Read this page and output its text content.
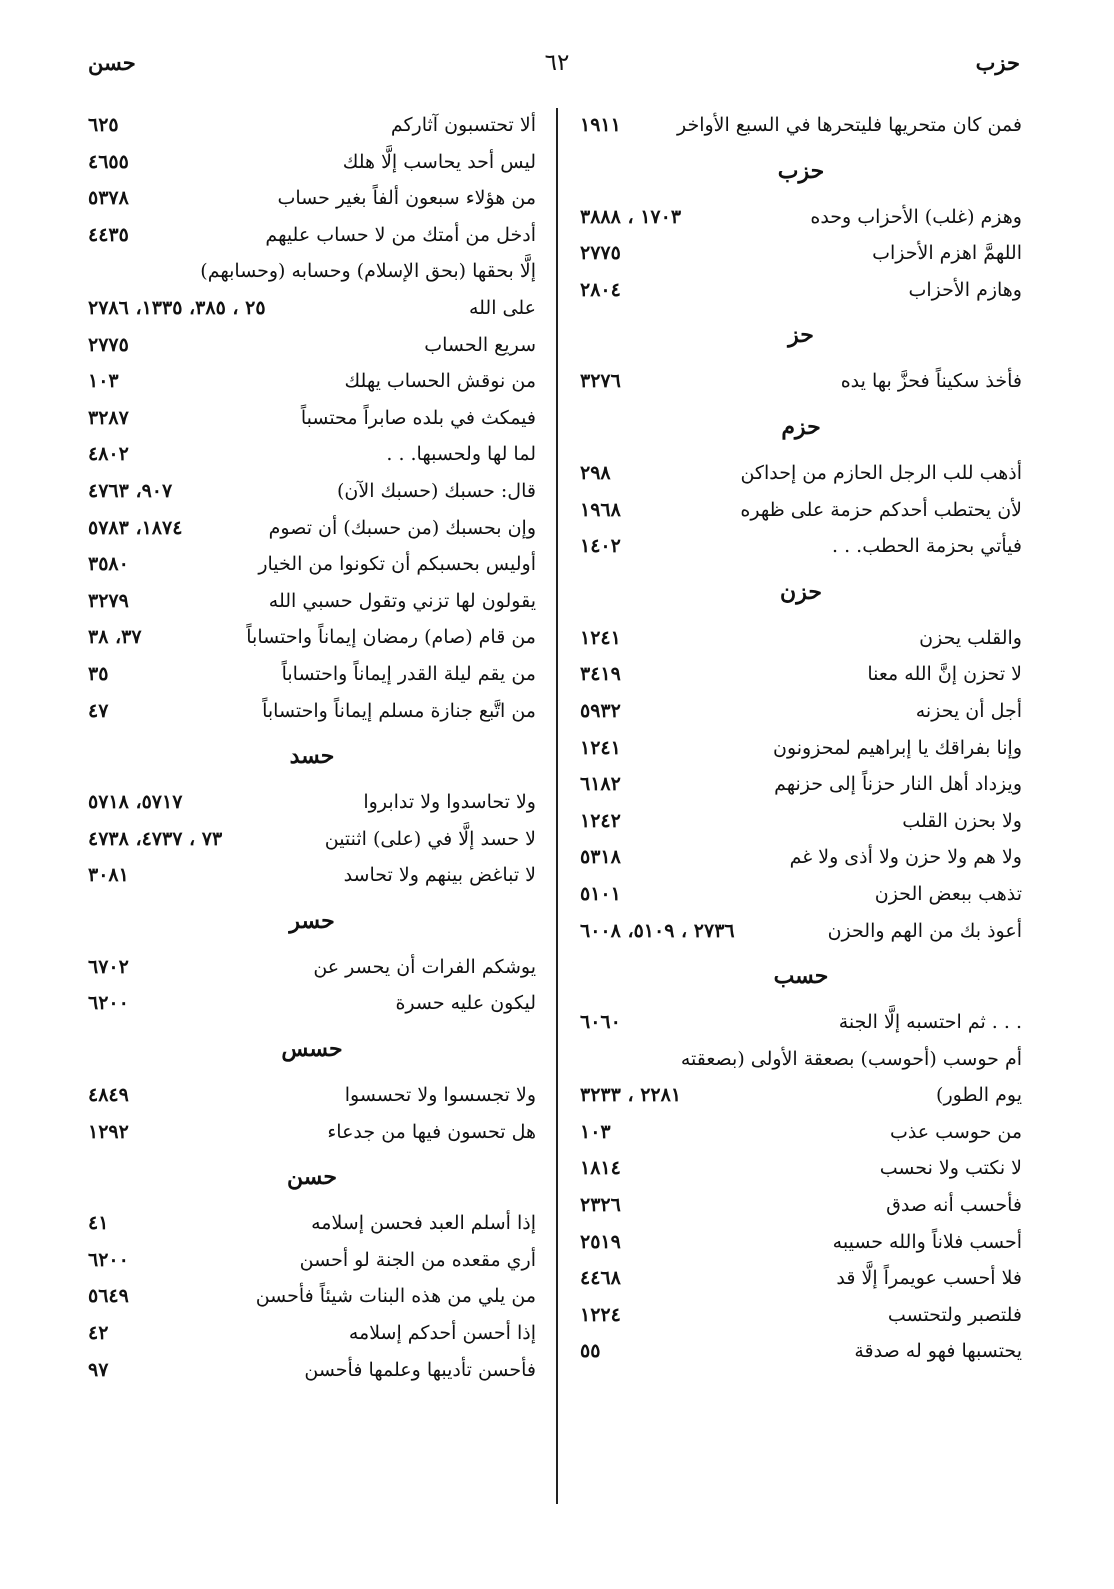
٦٢	حزب
حسن
فمن كان متحريها فليتحرها في السبع الأواخر
١٩١١
حزب
وهزم (غلب) الأحزاب وحده
١٧٠٣ ، ٣٨٨٨
اللهمَّ اهزم الأحزاب
٢٧٧٥
وهازم الأحزاب
٢٨٠٤
حز
فأخذ سكيناً فحزَّ بها يده
٣٢٧٦
حزم
أذهب للب الرجل الحازم من إحداكن
٢٩٨
لأن يحتطب أحدكم حزمة على ظهره
١٩٦٨
فيأتي بحزمة الحطب. . .
١٤٠٢
حزن
والقلب يحزن
١٢٤١
لا تحزن إنَّ الله معنا
٣٤١٩
أجل أن يحزنه
٥٩٣٢
وإنا بفراقك يا إبراهيم لمحزونون
١٢٤١
ويزداد أهل النار حزناً إلى حزنهم
٦١٨٢
ولا بحزن القلب
١٢٤٢
ولا هم ولا حزن ولا أذى ولا غم
٥٣١٨
تذهب ببعض الحزن
٥١٠١
أعوذ بك من الهم والحزن
٢٧٣٦ ، ٥١٠٩، ٦٠٠٨
حسب
. . . ثم احتسبه إلَّا الجنة
٦٠٦٠
أم حوسب (أحوسب) بصعقة الأولى (بصعقته
يوم الطور)
٢٢٨١ ، ٣٢٣٣
من حوسب عذب
١٠٣
لا نكتب ولا نحسب
١٨١٤
فأحسب أنه صدق
٢٣٢٦
أحسب فلاناً والله حسيبه
٢٥١٩
فلا أحسب عويمراً إلَّا قد
٤٤٦٨
فلتصبر ولتحتسب
١٢٢٤
يحتسبها فهو له صدقة
٥٥
ألا تحتسبون آثاركم
٦٢٥
ليس أحد يحاسب إلَّا هلك
٤٦٥٥
من هؤلاء سبعون ألفاً بغير حساب
٥٣٧٨
أدخل من أمتك من لا حساب عليهم
٤٤٣٥
إلَّا بحقها (بحق الإسلام) وحسابه (وحسابهم)
على الله
٢٥ ، ٣٨٥، ١٣٣٥، ٢٧٨٦
سريع الحساب
٢٧٧٥
من نوقش الحساب يهلك
١٠٣
فيمكث في بلده صابراً محتسباً
٣٢٨٧
لما لها ولحسبها. . .
٤٨٠٢
قال: حسبك (حسبك الآن)
٩٠٧، ٤٧٦٣
وإن بحسبك (من حسبك) أن تصوم
١٨٧٤، ٥٧٨٣
أوليس بحسبكم أن تكونوا من الخيار
٣٥٨٠
يقولون لها تزني وتقول حسبي الله
٣٢٧٩
من قام (صام) رمضان إيماناً واحتساباً
٣٧، ٣٨
من يقم ليلة القدر إيماناً واحتساباً
٣٥
من اتَّبع جنازة مسلم إيماناً واحتساباً
٤٧
حسد
ولا تحاسدوا ولا تدابروا
٥٧١٧، ٥٧١٨
لا حسد إلَّا في (على) اثنتين
٧٣ ، ٤٧٣٧، ٤٧٣٨
لا تباغض بينهم ولا تحاسد
٣٠٨١
حسر
يوشكم الفرات أن يحسر عن
٦٧٠٢
ليكون عليه حسرة
٦٢٠٠
حسس
ولا تجسسوا ولا تحسسوا
٤٨٤٩
هل تحسون فيها من جدعاء
١٢٩٢
حسن
إذا أسلم العبد فحسن إسلامه
٤١
أري مقعده من الجنة لو أحسن
٦٢٠٠
من يلي من هذه البنات شيئاً فأحسن
٥٦٤٩
إذا أحسن أحدكم إسلامه
٤٢
فأحسن تأديبها وعلمها فأحسن
٩٧
